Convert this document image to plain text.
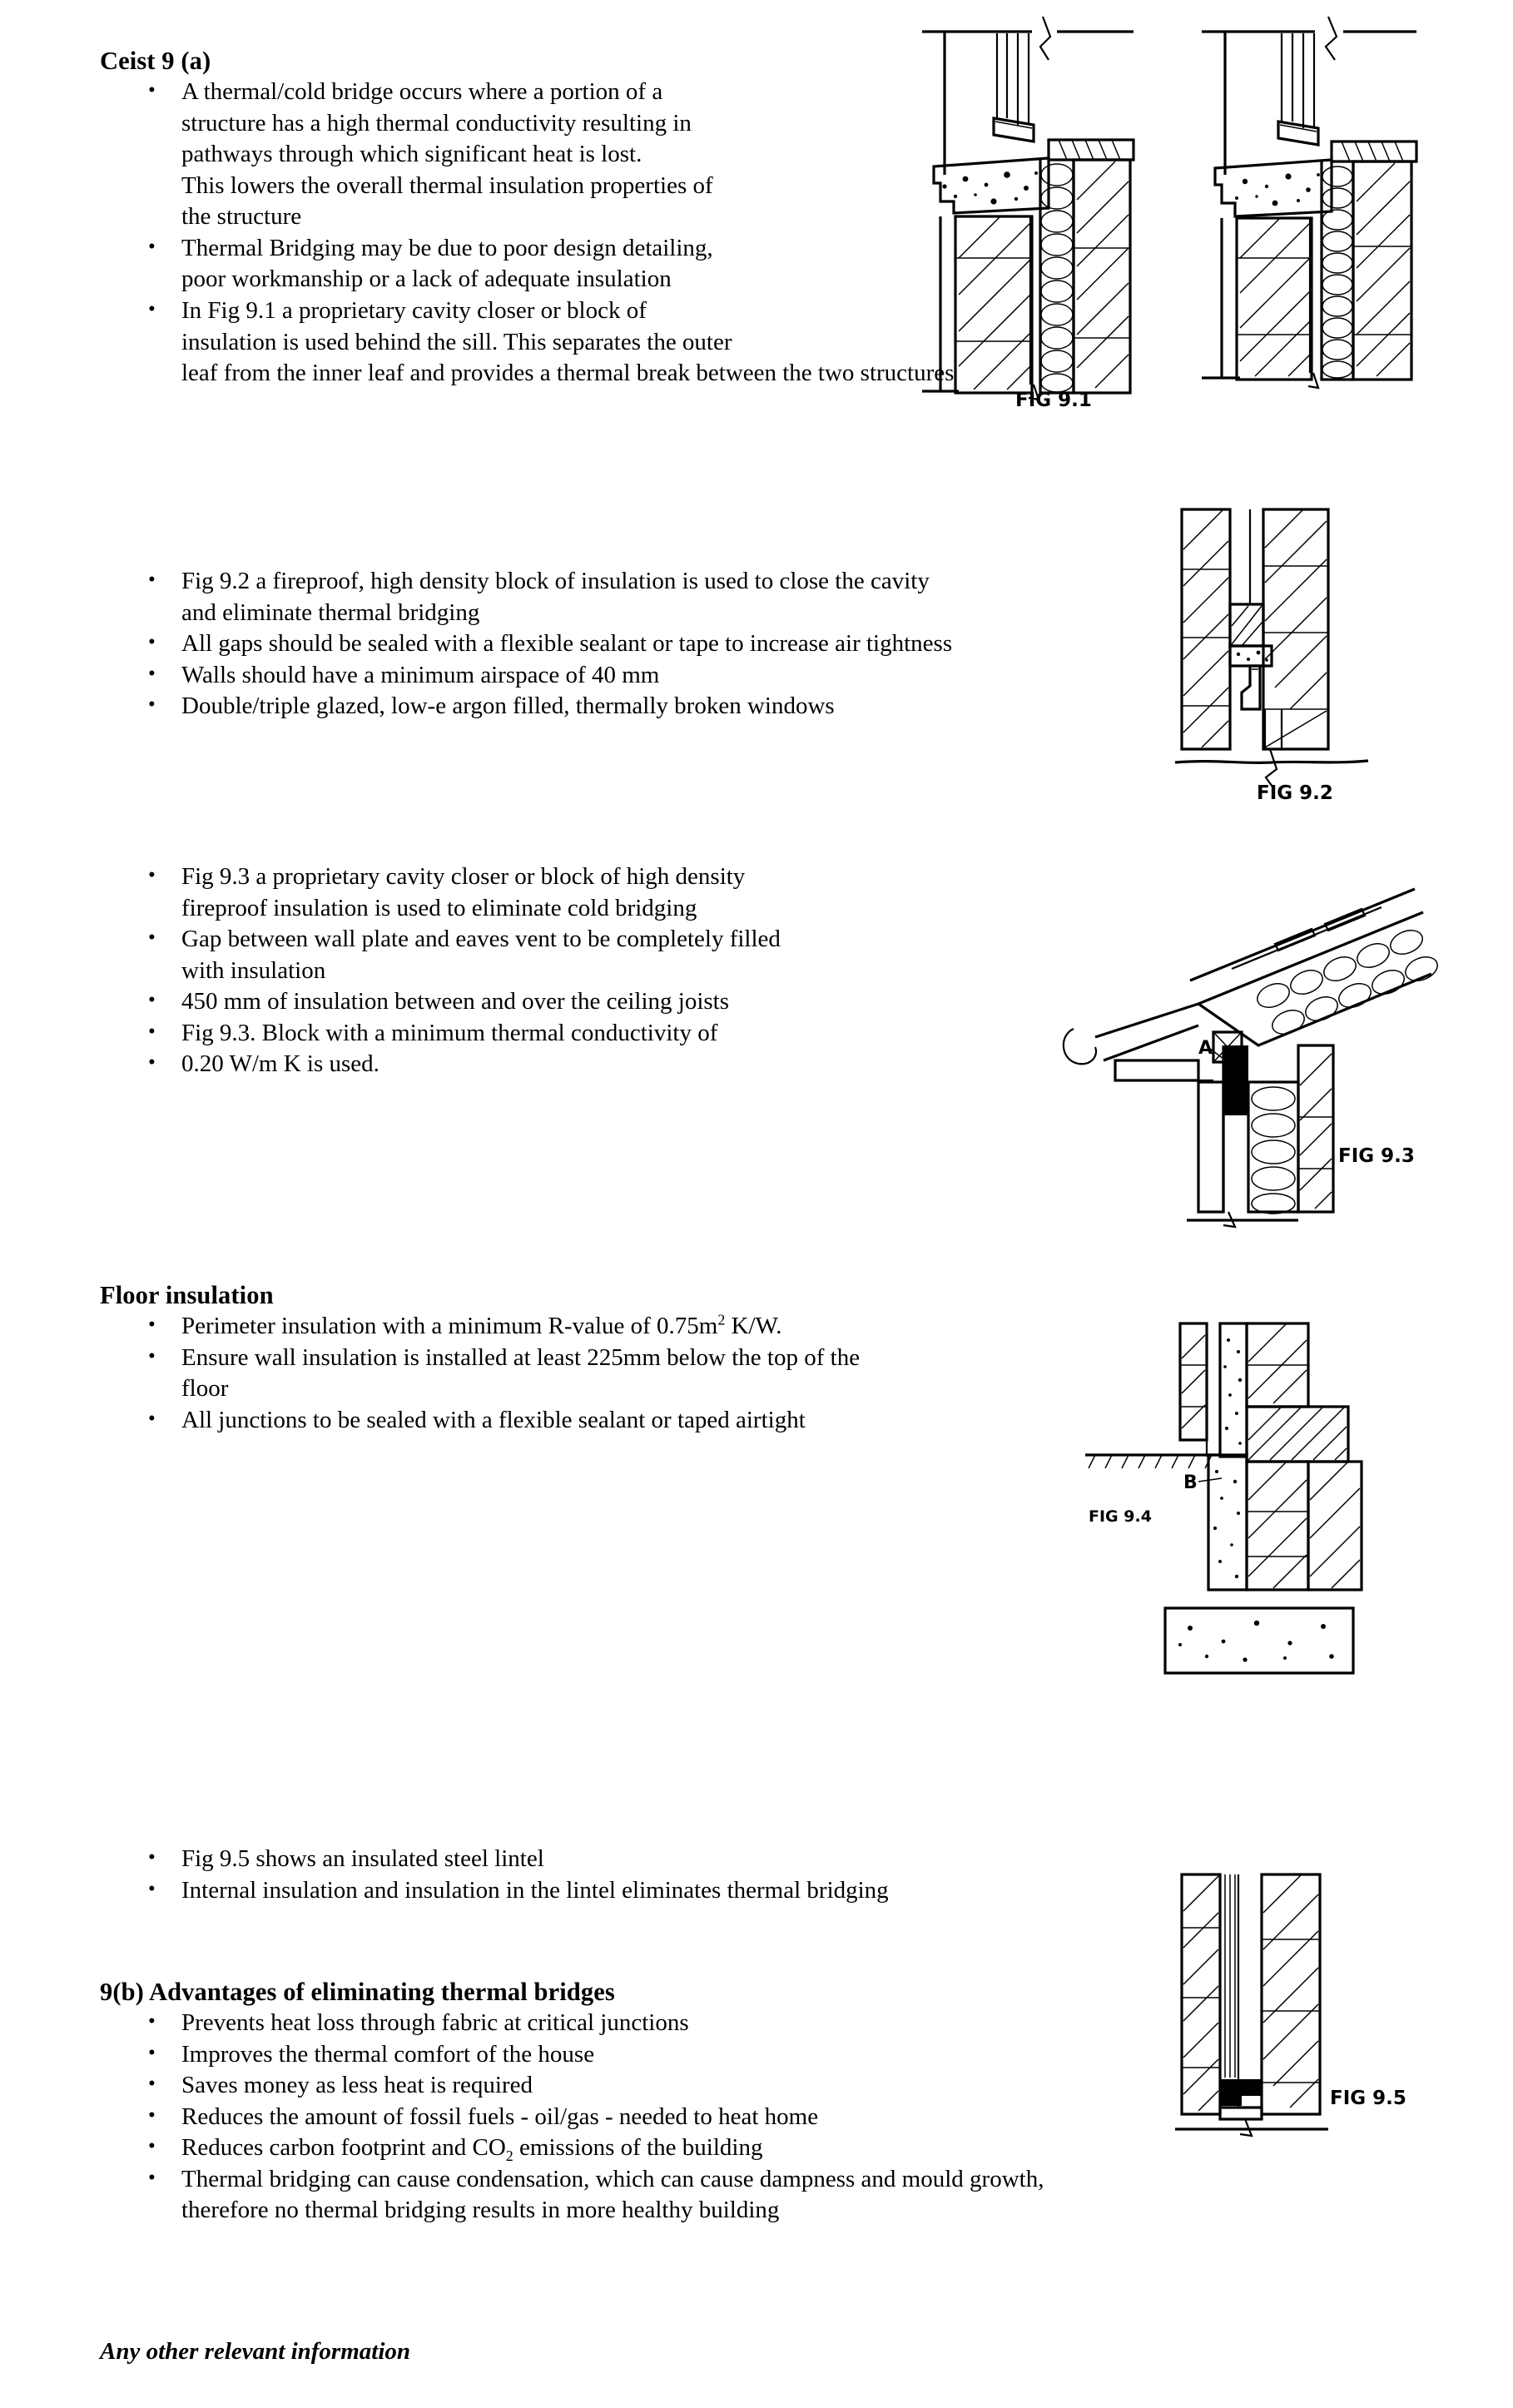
Ceist 9 (a)
• A thermal/cold bridge occurs where a portion of a
structure has a high thermal conductivity resulting in
pathways through which significant heat is lost.
This lowers the overall thermal insulation properties of
the structure
• Thermal Bridging may be due to poor design detailing,
poor workmanship or a lack of adequate insulation
• In Fig 9.1 a proprietary cavity closer or block of
insulation is used behind the sill. This separates the outer
leaf from the inner leaf and provides a thermal break between the two structures
• Fig 9.2 a fireproof, high density block of insulation is used to close the cavity
and eliminate thermal bridging
• All gaps should be sealed with a flexible sealant or tape to increase air tightness
• Walls should have a minimum airspace of 40 mm
• Double/triple glazed, low-e argon filled, thermally broken windows
• Fig 9.3 a proprietary cavity closer or block of high density
fireproof insulation is used to eliminate cold bridging
• Gap between wall plate and eaves vent to be completely filled
with insulation
• 450 mm of insulation between and over the ceiling joists
• Fig 9.3. Block with a minimum thermal conductivity of
• 0.20 W/m K is used.
Floor insulation
• Perimeter insulation with a minimum R-value of $0.75m^2$ K/W.
• Ensure wall insulation is installed at least 225mm below the top of the
floor
• All junctions to be sealed with a flexible sealant or taped airtight
• Fig 9.5 shows an insulated steel lintel
• Internal insulation and insulation in the lintel eliminates thermal bridging
9(b) Advantages of eliminating thermal bridges
• Prevents heat loss through fabric at critical junctions
• Improves the thermal comfort of the house
• Saves money as less heat is required
• Reduces the amount of fossil fuels - oil/gas - needed to heat home
• Reduces carbon footprint and $CO_2$ emissions of the building
• Thermal bridging can cause condensation, which can cause dampness and mould growth,
therefore no thermal bridging results in more healthy building
Any other relevant information
FIG 9.1
FIG 9.2
A
FIG 9.3
B
FIG 9.4
FIG 9.5
